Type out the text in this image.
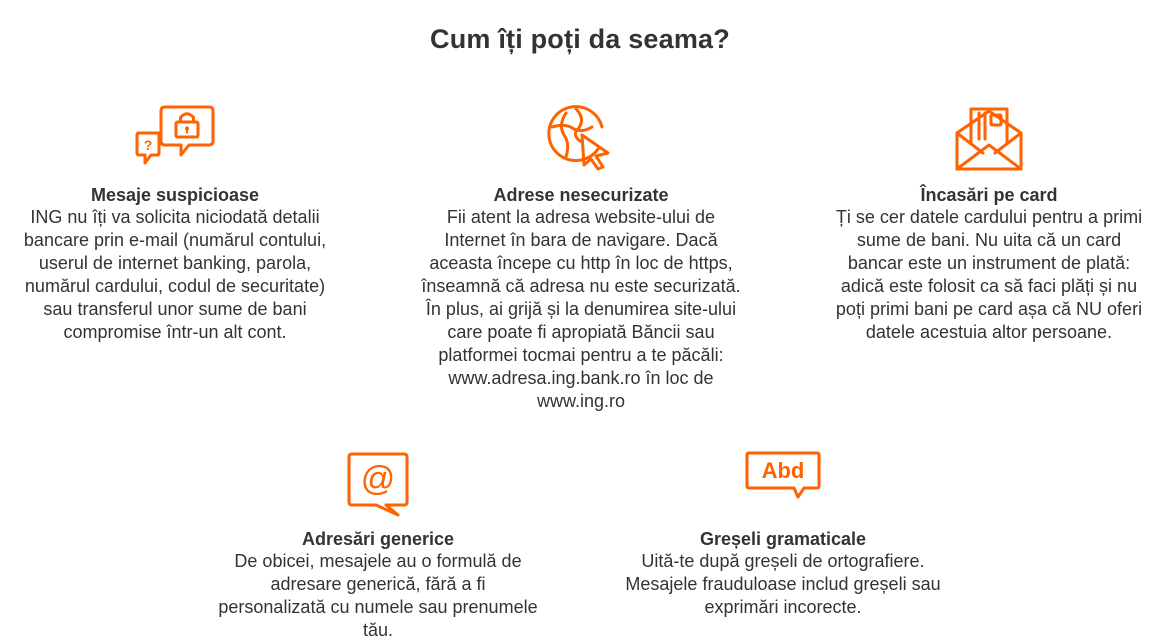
Cum îți poți da seama?
?

Mesaje suspicioase

ING nu îți va solicita niciodată detalii
bancare prin e-mail (numărul contului,
userul de internet banking, parola,
numărul cardului, codul de securitate)
sau transferul unor sume de bani
compromise într-un alt cont.

Adrese nesecurizate

Fii atent la adresa website-ului de
Internet în bara de navigare. Dacă
aceasta începe cu http în loc de https,
înseamnă că adresa nu este securizată.
În plus, ai grijă și la denumirea site-ului
care poate fi apropiată Băncii sau
platformei tocmai pentru a te păcăli:
www.adresa.ing.bank.ro în loc de
www.ing.ro

Încasări pe card

Ți se cer datele cardului pentru a primi
sume de bani. Nu uita că un card
bancar este un instrument de plată:
adică este folosit ca să faci plăți și nu
poți primi bani pe card așa că NU oferi
datele acestuia altor persoane.

@

Adresări generice

De obicei, mesajele au o formulă de
adresare generică, fără a fi
personalizată cu numele sau prenumele
tău.

Abd

Greșeli gramaticale

Uită-te după greșeli de ortografiere.
Mesajele frauduloase includ greșeli sau
exprimări incorecte.
